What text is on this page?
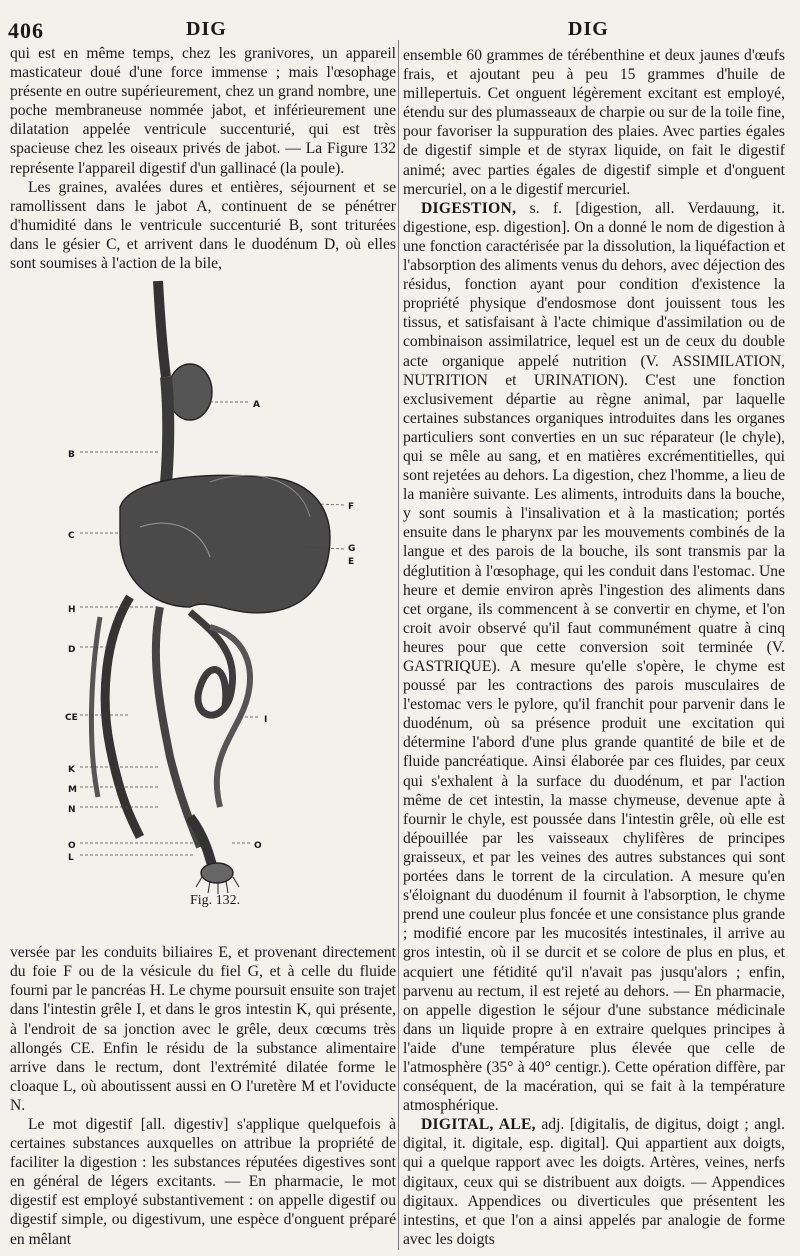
406	DIG	DIG

qui est en même temps, chez les granivores, un appareil masticateur doué d'une force immense ; mais l'œsophage présente en outre supérieurement, chez un grand nombre, une poche membraneuse nommée jabot, et inférieurement une dilatation appelée ventricule succenturié, qui est très spacieuse chez les oiseaux privés de jabot. — La Figure 132 représente l'appareil digestif d'un gallinacé (la poule).

Les graines, avalées dures et entières, séjournent et se ramollissent dans le jabot A, continuent de se pénétrer d'humidité dans le ventricule succenturié B, sont triturées dans le gésier C, et arrivent dans le duodénum D, où elles sont soumises à l'action de la bile,

A
B
C
F
G
E
H
D
CE	I
K
M
N
O
L
O
Fig. 132.

versée par les conduits biliaires E, et provenant directement du foie F ou de la vésicule du fiel G, et à celle du fluide fourni par le pancréas H. Le chyme poursuit ensuite son trajet dans l'intestin grêle I, et dans le gros intestin K, qui présente, à l'endroit de sa jonction avec le grêle, deux cœcums très allongés CE. Enfin le résidu de la substance alimentaire arrive dans le rectum, dont l'extrémité dilatée forme le cloaque L, où aboutissent aussi en O l'uretère M et l'oviducte N.

Le mot digestif [all. digestiv] s'applique quelquefois à certaines substances auxquelles on attribue la propriété de faciliter la digestion : les substances réputées digestives sont en général de légers excitants. — En pharmacie, le mot digestif est employé substantivement : on appelle digestif ou digestif simple, ou digestivum, une espèce d'onguent préparé en mêlant

ensemble 60 grammes de térébenthine et deux jaunes d'œufs frais, et ajoutant peu à peu 15 grammes d'huile de millepertuis. Cet onguent légèrement excitant est employé, étendu sur des plumasseaux de charpie ou sur de la toile fine, pour favoriser la suppuration des plaies. Avec parties égales de digestif simple et de styrax liquide, on fait le digestif animé; avec parties égales de digestif simple et d'onguent mercuriel, on a le digestif mercuriel.

DIGESTION, s. f. [digestion, all. Verdauung, it. digestione, esp. digestion]. On a donné le nom de digestion à une fonction caractérisée par la dissolution, la liquéfaction et l'absorption des aliments venus du dehors, avec déjection des résidus, fonction ayant pour condition d'existence la propriété physique d'endosmose dont jouissent tous les tissus, et satisfaisant à l'acte chimique d'assimilation ou de combinaison assimilatrice, lequel est un de ceux du double acte organique appelé nutrition (V. ASSIMILATION, NUTRITION et URINATION). C'est une fonction exclusivement départie au règne animal, par laquelle certaines substances organiques introduites dans les organes particuliers sont converties en un suc réparateur (le chyle), qui se mêle au sang, et en matières excrémentitielles, qui sont rejetées au dehors. La digestion, chez l'homme, a lieu de la manière suivante. Les aliments, introduits dans la bouche, y sont soumis à l'insalivation et à la mastication; portés ensuite dans le pharynx par les mouvements combinés de la langue et des parois de la bouche, ils sont transmis par la déglutition à l'œsophage, qui les conduit dans l'estomac. Une heure et demie environ après l'ingestion des aliments dans cet organe, ils commencent à se convertir en chyme, et l'on croit avoir observé qu'il faut communément quatre à cinq heures pour que cette conversion soit terminée (V. GASTRIQUE). A mesure qu'elle s'opère, le chyme est poussé par les contractions des parois musculaires de l'estomac vers le pylore, qu'il franchit pour parvenir dans le duodénum, où sa présence produit une excitation qui détermine l'abord d'une plus grande quantité de bile et de fluide pancréatique. Ainsi élaborée par ces fluides, par ceux qui s'exhalent à la surface du duodénum, et par l'action même de cet intestin, la masse chymeuse, devenue apte à fournir le chyle, est poussée dans l'intestin grêle, où elle est dépouillée par les vaisseaux chylifères de principes graisseux, et par les veines des autres substances qui sont portées dans le torrent de la circulation. A mesure qu'en s'éloignant du duodénum il fournit à l'absorption, le chyme prend une couleur plus foncée et une consistance plus grande ; modifié encore par les mucosités intestinales, il arrive au gros intestin, où il se durcit et se colore de plus en plus, et acquiert une fétidité qu'il n'avait pas jusqu'alors ; enfin, parvenu au rectum, il est rejeté au dehors. — En pharmacie, on appelle digestion le séjour d'une substance médicinale dans un liquide propre à en extraire quelques principes à l'aide d'une température plus élevée que celle de l'atmosphère (35° à 40° centigr.). Cette opération diffère, par conséquent, de la macération, qui se fait à la température atmosphérique.

DIGITAL, ALE, adj. [digitalis, de digitus, doigt ; angl. digital, it. digitale, esp. digital]. Qui appartient aux doigts, qui a quelque rapport avec les doigts. Artères, veines, nerfs digitaux, ceux qui se distribuent aux doigts. — Appendices digitaux. Appendices ou diverticules que présentent les intestins, et que l'on a ainsi appelés par analogie de forme avec les doigts
